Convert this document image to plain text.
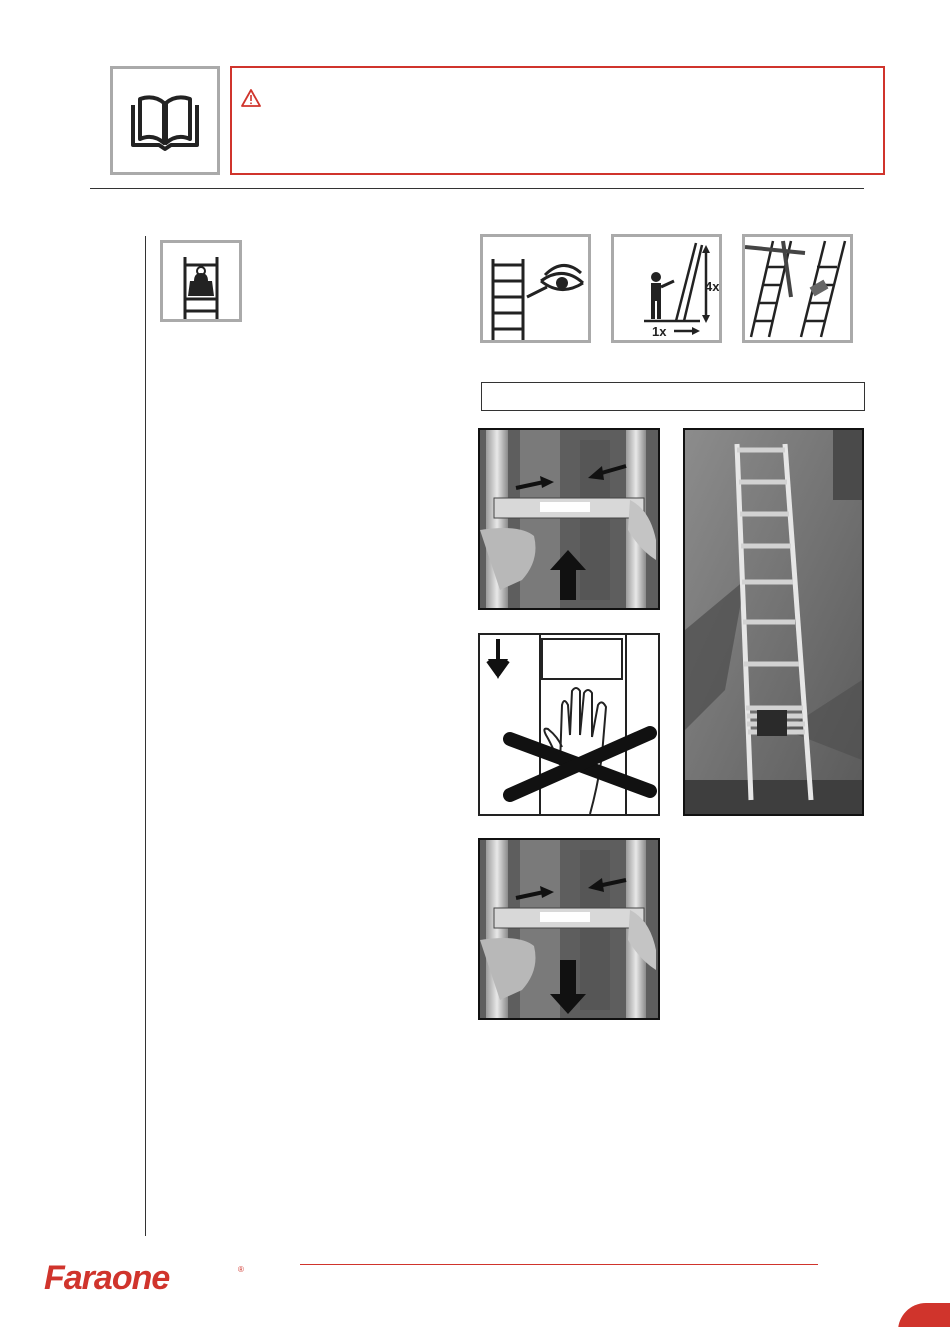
4x
1x
Faraone	®
